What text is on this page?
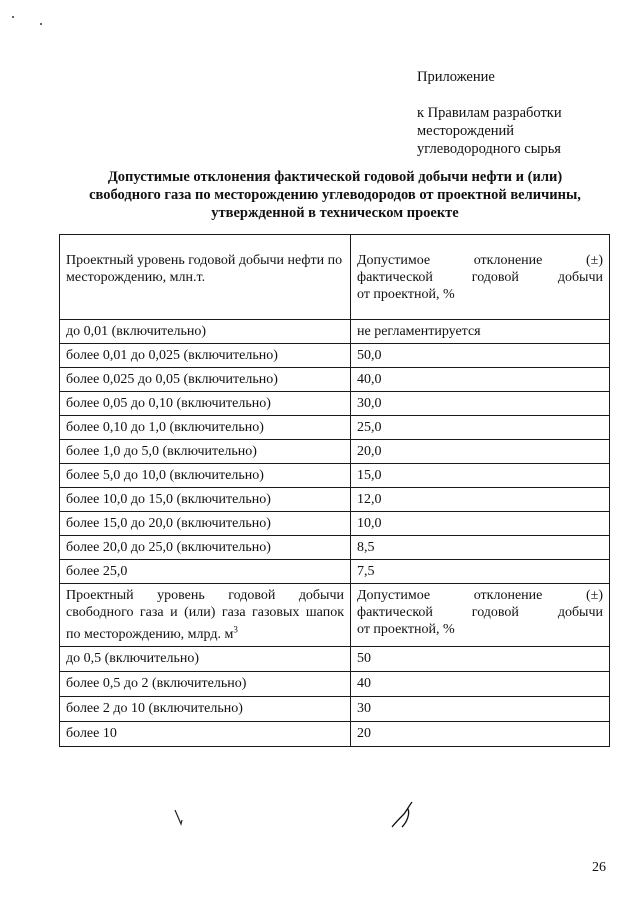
Приложение
к Правилам разработки
месторождений
углеводородного сырья
Допустимые отклонения фактической годовой добычи нефти и (или)
свободного газа по месторождению углеводородов от проектной величины,
утвержденной в техническом проекте
Проектный уровень годовой добычи нефти по месторождению, млн.т.	Допустимое отклонение (±)
фактической годовой добычи
от проектной, %
до 0,01 (включительно)	не регламентируется
более 0,01 до 0,025 (включительно)	50,0
более 0,025 до 0,05 (включительно)	40,0
более 0,05 до 0,10 (включительно)	30,0
более 0,10 до 1,0 (включительно)	25,0
более 1,0 до 5,0 (включительно)	20,0
более 5,0 до 10,0 (включительно)	15,0
более 10,0 до 15,0 (включительно)	12,0
более 15,0 до 20,0 (включительно)	10,0
более 20,0 до 25,0 (включительно)	8,5
более 25,0	7,5

Проектный уровень годовой добычи
свободного газа и (или) газа газовых шапок
по месторождению, млрд. $м^3$	Допустимое отклонение (±)
фактической годовой добычи
от проектной, %
до 0,5 (включительно)	50
более 0,5 до 2 (включительно)	40
более 2 до 10 (включительно)	30
более 10	20
26
